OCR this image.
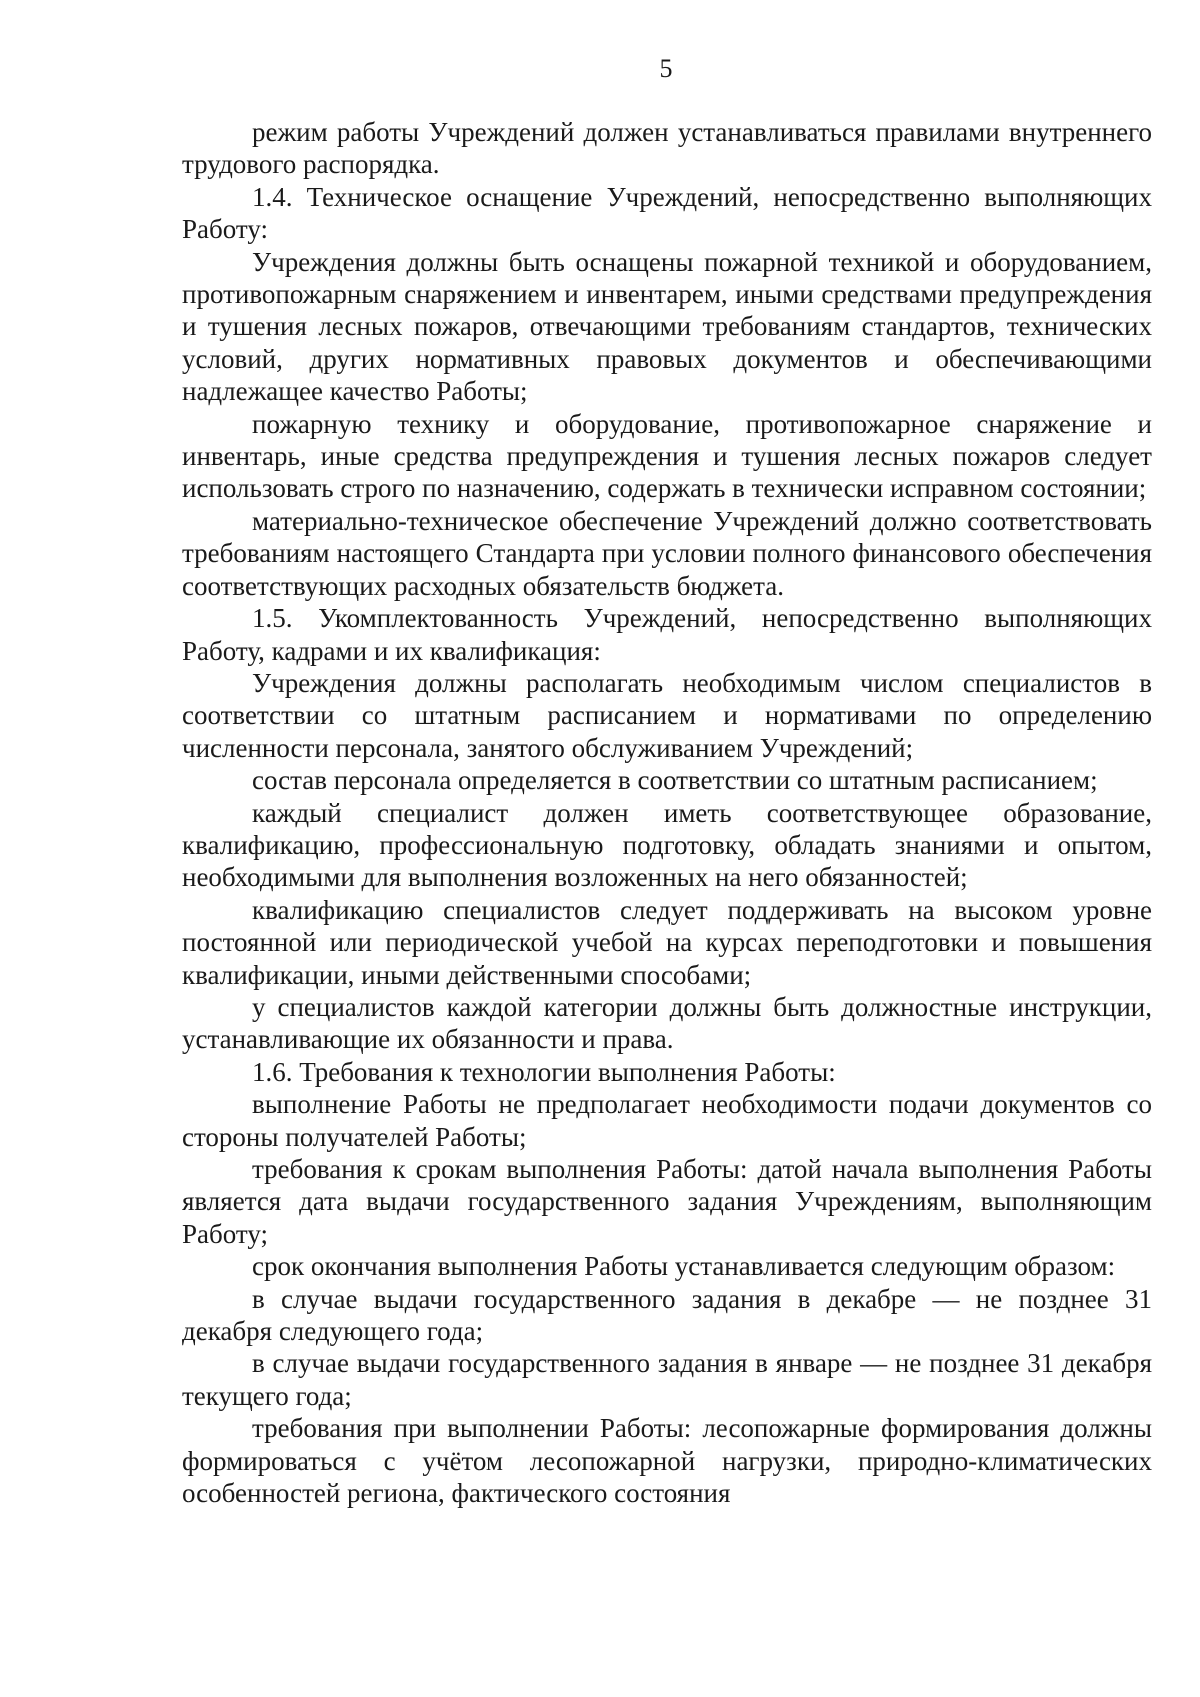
5

режим работы Учреждений должен устанавливаться правилами внутреннего трудового распорядка.

1.4. Техническое оснащение Учреждений, непосредственно выполняющих Работу:

Учреждения должны быть оснащены пожарной техникой и оборудованием, противопожарным снаряжением и инвентарем, иными средствами предупреждения и тушения лесных пожаров, отвечающими требованиям стандартов, технических условий, других нормативных правовых документов и обеспечивающими надлежащее качество Работы;

пожарную технику и оборудование, противопожарное снаряжение и инвентарь, иные средства предупреждения и тушения лесных пожаров следует использовать строго по назначению, содержать в технически исправном состоянии;

материально-техническое обеспечение Учреждений должно соответствовать требованиям настоящего Стандарта при условии полного финансового обеспечения соответствующих расходных обязательств бюджета.

1.5. Укомплектованность Учреждений, непосредственно выполняющих Работу, кадрами и их квалификация:

Учреждения должны располагать необходимым числом специалистов в соответствии со штатным расписанием и нормативами по определению численности персонала, занятого обслуживанием Учреждений;

состав персонала определяется в соответствии со штатным расписанием;

каждый специалист должен иметь соответствующее образование, квалификацию, профессиональную подготовку, обладать знаниями и опытом, необходимыми для выполнения возложенных на него обязанностей;

квалификацию специалистов следует поддерживать на высоком уровне постоянной или периодической учебой на курсах переподготовки и повышения квалификации, иными действенными способами;

у специалистов каждой категории должны быть должностные инструкции, устанавливающие их обязанности и права.

1.6. Требования к технологии выполнения Работы:

выполнение Работы не предполагает необходимости подачи документов со стороны получателей Работы;

требования к срокам выполнения Работы: датой начала выполнения Работы является дата выдачи государственного задания Учреждениям, выполняющим Работу;

срок окончания выполнения Работы устанавливается следующим образом:

в случае выдачи государственного задания в декабре — не позднее 31 декабря следующего года;

в случае выдачи государственного задания в январе — не позднее 31 декабря текущего года;

требования при выполнении Работы: лесопожарные формирования должны формироваться с учётом лесопожарной нагрузки, природно-климатических особенностей региона, фактического состояния
